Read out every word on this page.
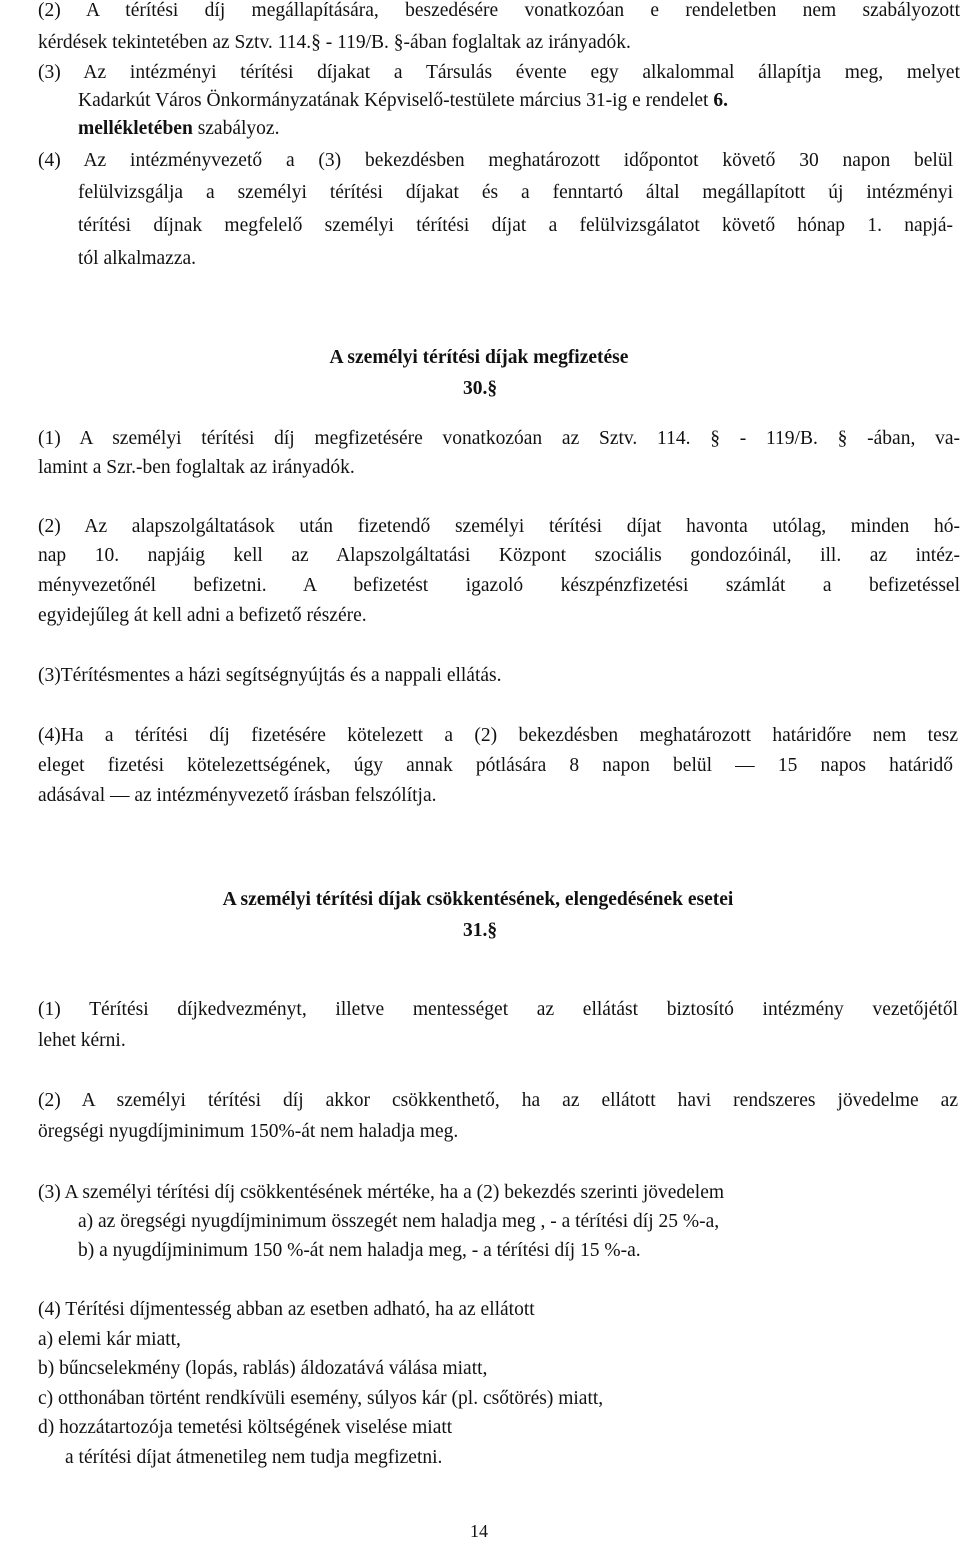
(2) A térítési díj megállapítására, beszedésére vonatkozóan e rendeletben nem szabályozott
kérdések tekintetében az Sztv. 114.§ - 119/B. §-ában foglaltak az irányadók.
(3) Az intézményi térítési díjakat a Társulás évente egy alkalommal állapítja meg, melyet
Kadarkút Város Önkormányzatának Képviselő-testülete március 31-ig e rendelet 6.
mellékletében szabályoz.
(4) Az intézményvezető a (3) bekezdésben meghatározott időpontot követő 30 napon belül
felülvizsgálja a személyi térítési díjakat és a fenntartó által megállapított új intézményi
térítési díjnak megfelelő személyi térítési díjat a felülvizsgálatot követő hónap 1. napjá-
tól alkalmazza.
A személyi térítési díjak megfizetése
30.§
(1) A személyi térítési díj megfizetésére vonatkozóan az Sztv. 114. § - 119/B. § -ában, va-
lamint a Szr.-ben foglaltak az irányadók.
(2) Az alapszolgáltatások után fizetendő személyi térítési díjat havonta utólag, minden hó-
nap 10. napjáig kell az Alapszolgáltatási Központ szociális gondozóinál, ill. az intéz-
ményvezetőnél befizetni. A befizetést igazoló készpénzfizetési számlát a befizetéssel
egyidejűleg át kell adni a befizető részére.
(3)Térítésmentes a házi segítségnyújtás és a nappali ellátás.
(4)Ha a térítési díj fizetésére kötelezett a (2) bekezdésben meghatározott határidőre nem tesz
eleget fizetési kötelezettségének, úgy annak pótlására 8 napon belül — 15 napos határidő
adásával — az intézményvezető írásban felszólítja.
A személyi térítési díjak csökkentésének, elengedésének esetei
31.§
(1) Térítési díjkedvezményt, illetve mentességet az ellátást biztosító intézmény vezetőjétől
lehet kérni.
(2) A személyi térítési díj akkor csökkenthető, ha az ellátott havi rendszeres jövedelme az
öregségi nyugdíjminimum 150%-át nem haladja meg.
(3) A személyi térítési díj csökkentésének mértéke, ha a (2) bekezdés szerinti jövedelem
a) az öregségi nyugdíjminimum összegét nem haladja meg , - a térítési díj 25 %-a,
b) a nyugdíjminimum 150 %-át nem haladja meg, - a térítési díj 15 %-a.
(4) Térítési díjmentesség abban az esetben adható, ha az ellátott
a) elemi kár miatt,
b) bűncselekmény (lopás, rablás) áldozatává válása miatt,
c) otthonában történt rendkívüli esemény, súlyos kár (pl. csőtörés) miatt,
d) hozzátartozója temetési költségének viselése miatt
a térítési díjat átmenetileg nem tudja megfizetni.
14
